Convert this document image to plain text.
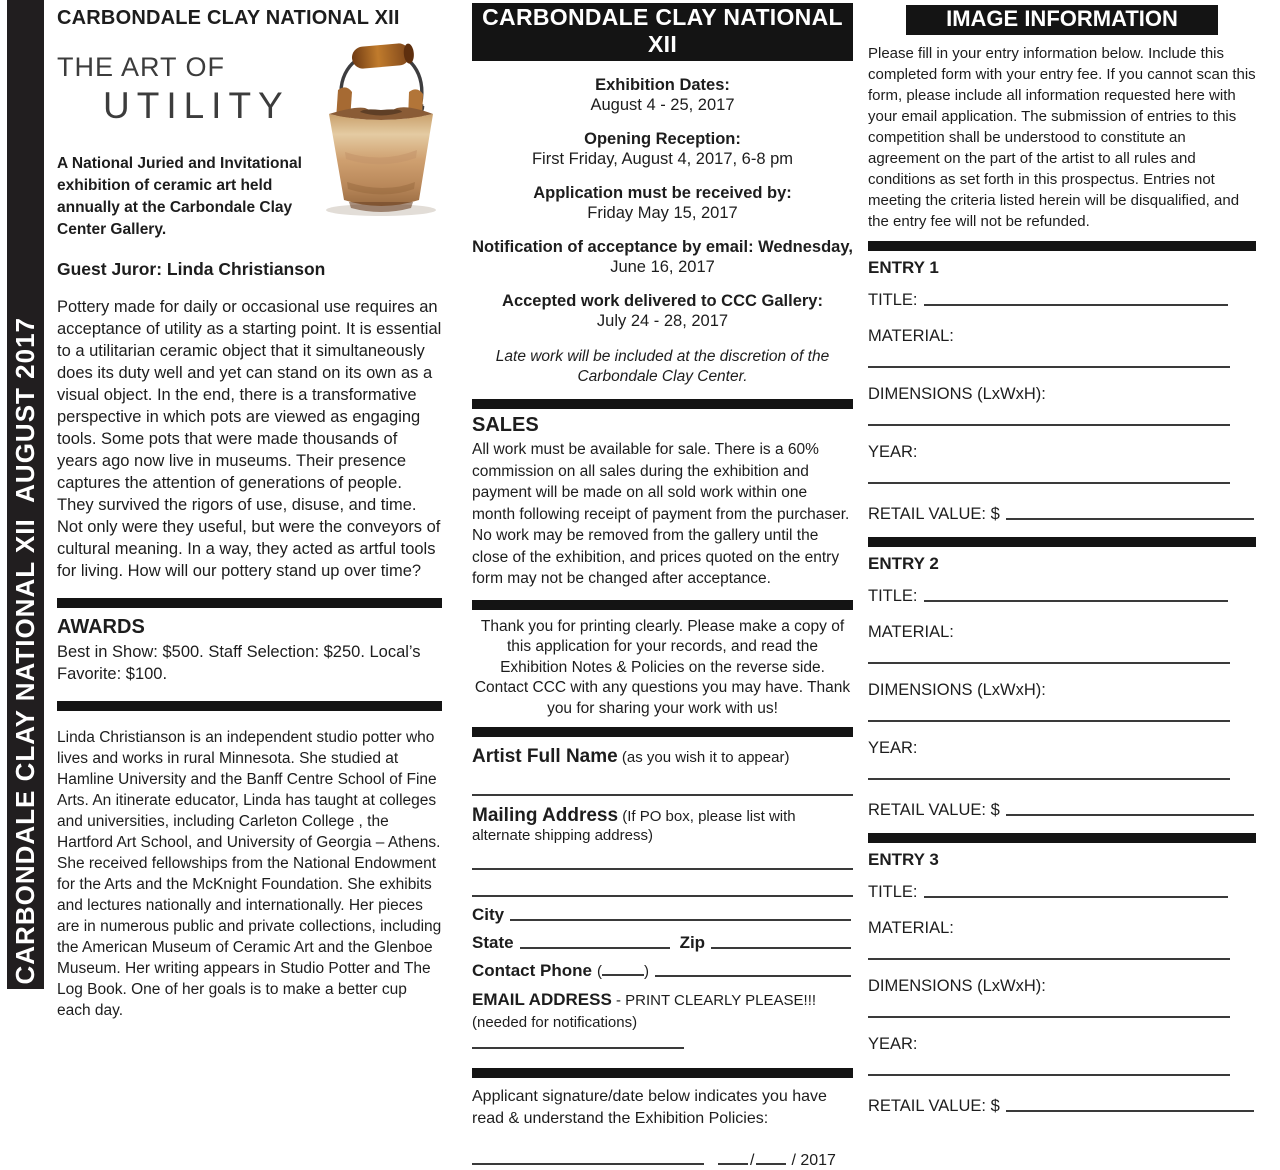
CARBONDALE CLAY NATIONAL XII  AUGUST 2017
CARBONDALE CLAY NATIONAL XII
THE ART OF
UTILITY

A National Juried and Invitational exhibition of ceramic art held annually at the Carbondale Clay Center Gallery.

Guest Juror: Linda Christianson

Pottery made for daily or occasional use requires an acceptance of utility as a starting point. It is essential to a utilitarian ceramic object that it simultaneously does its duty well and yet can stand on its own as a visual object. In the end, there is a transformative perspective in which pots are viewed as engaging tools. Some pots that were made thousands of years ago now live in museums. Their presence captures the attention of generations of people. They survived the rigors of use, disuse, and time. Not only were they useful, but were the conveyors of cultural meaning. In a way, they acted as artful tools for living. How will our pottery stand up over time?

AWARDS

Best in Show: $500. Staff Selection: $250. Local’s Favorite: $100.

Linda Christianson is an independent studio potter who lives and works in rural Minnesota. She studied at Hamline University and the Banff Centre School of Fine Arts. An itinerate educator, Linda has taught at colleges and universities, including Carleton College , the Hartford Art School, and University of Georgia – Athens. She received fellowships from the National Endowment for the Arts and the McKnight Foundation. She exhibits and lectures nationally and internationally. Her pieces are in numerous public and private collections, including the American Museum of Ceramic Art and the Glenboe Museum. Her writing appears in Studio Potter and The Log Book. One of her goals is to make a better cup each day.

CARBONDALE CLAY NATIONAL XII
Exhibition Dates:
August 4 - 25, 2017
Opening Reception:
First Friday, August 4, 2017, 6-8 pm
Application must be received by:
Friday May 15, 2017
Notification of acceptance by email: Wednesday,
June 16, 2017
Accepted work delivered to CCC Gallery:
July 24 - 28, 2017

Late work will be included at the discretion of the Carbondale Clay Center.

SALES

All work must be available for sale. There is a 60% commission on all sales during the exhibition and payment will be made on all sold work within one month following receipt of payment from the purchaser. No work may be removed from the gallery until the close of the exhibition, and prices quoted on the entry form may not be changed after acceptance.

Thank you for printing clearly. Please make a copy of this application for your records, and read the Exhibition Notes & Policies on the reverse side. Contact CCC with any questions you may have. Thank you for sharing your work with us!

Artist Full Name (as you wish it to appear)
Mailing Address (If PO box, please list with alternate shipping address)
City
State	Zip
Contact Phone (	)
EMAIL ADDRESS - PRINT CLEARLY PLEASE!!! (needed for notifications)

Applicant signature/date below indicates you have read & understand the Exhibition Policies:

/ / 2017
IMAGE INFORMATION

Please fill in your entry information below. Include this completed form with your entry fee. If you cannot scan this form, please include all information requested here with your email application. The submission of entries to this competition shall be understood to constitute an agreement on the part of the artist to all rules and conditions as set forth in this prospectus. Entries not meeting the criteria listed herein will be disqualified, and the entry fee will not be refunded.

ENTRY 1
TITLE:
MATERIAL:
DIMENSIONS (LxWxH):
YEAR:
RETAIL VALUE: $
ENTRY 2
TITLE:
MATERIAL:
DIMENSIONS (LxWxH):
YEAR:
RETAIL VALUE: $
ENTRY 3
TITLE:
MATERIAL:
DIMENSIONS (LxWxH):
YEAR:
RETAIL VALUE: $
